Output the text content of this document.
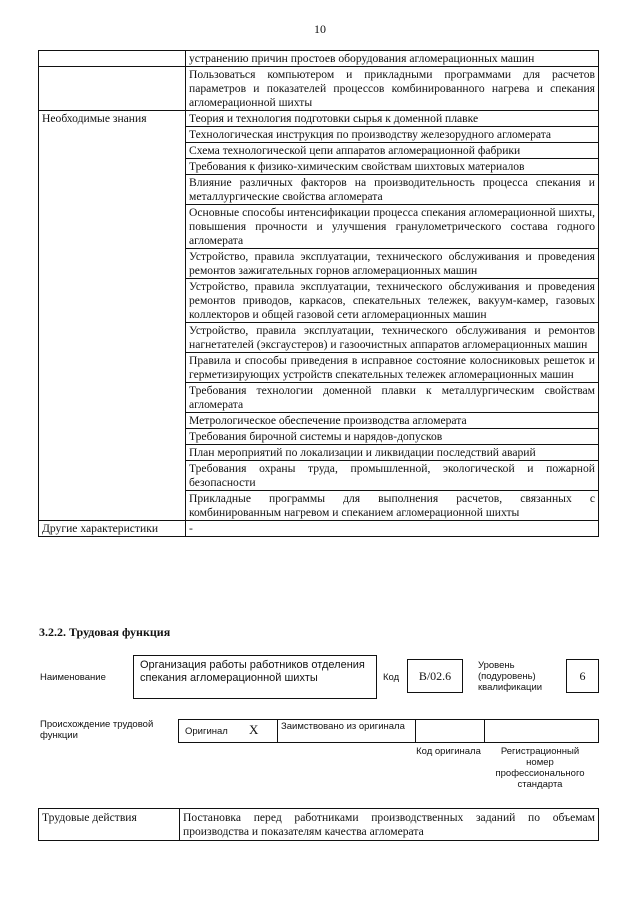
10
	устранению причин простоев оборудования агломерационных машин
	Пользоваться компьютером и прикладными программами для расчетов параметров и показателей процессов комбинированного нагрева и спекания агломерационной шихты
Необходимые знания	Теория и технология подготовки сырья к доменной плавке
	Технологическая инструкция по производству железорудного агломерата
	Схема технологической цепи аппаратов агломерационной фабрики
	Требования к физико-химическим свойствам шихтовых материалов
	Влияние различных факторов на производительность процесса спекания и металлургические свойства агломерата
	Основные способы интенсификации процесса спекания агломерационной шихты, повышения прочности и улучшения гранулометрического состава годного агломерата
	Устройство, правила эксплуатации, технического обслуживания и проведения ремонтов зажигательных горнов агломерационных машин
	Устройство, правила эксплуатации, технического обслуживания и проведения ремонтов приводов, каркасов, спекательных тележек, вакуум-камер, газовых коллекторов и общей газовой сети агломерационных машин
	Устройство, правила эксплуатации, технического обслуживания и ремонтов нагнетателей (эксгаустеров) и газоочистных аппаратов агломерационных машин
	Правила и способы приведения в исправное состояние колосниковых решеток и герметизирующих устройств спекательных тележек агломерационных машин
	Требования технологии доменной плавки к металлургическим свойствам агломерата
	Метрологическое обеспечение производства агломерата
	Требования бирочной системы и нарядов-допусков
	План мероприятий по локализации и ликвидации последствий аварий
	Требования охраны труда, промышленной, экологической и пожарной безопасности
	Прикладные программы для выполнения расчетов, связанных с комбинированным нагревом и спеканием агломерационной шихты
Другие характеристики	-
3.2.2. Трудовая функция
Наименование
Организация работы работников отделения спекания агломерационной шихты	Код	В/02.6
Уровень (подуровень) квалификации
6
Происхождение трудовой функции	Оригинал X Заимствовано из оригинала
Код оригинала	Регистрационный номер профессионального стандарта
Трудовые действия	Постановка перед работниками производственных заданий по объемам производства и показателям качества агломерата
